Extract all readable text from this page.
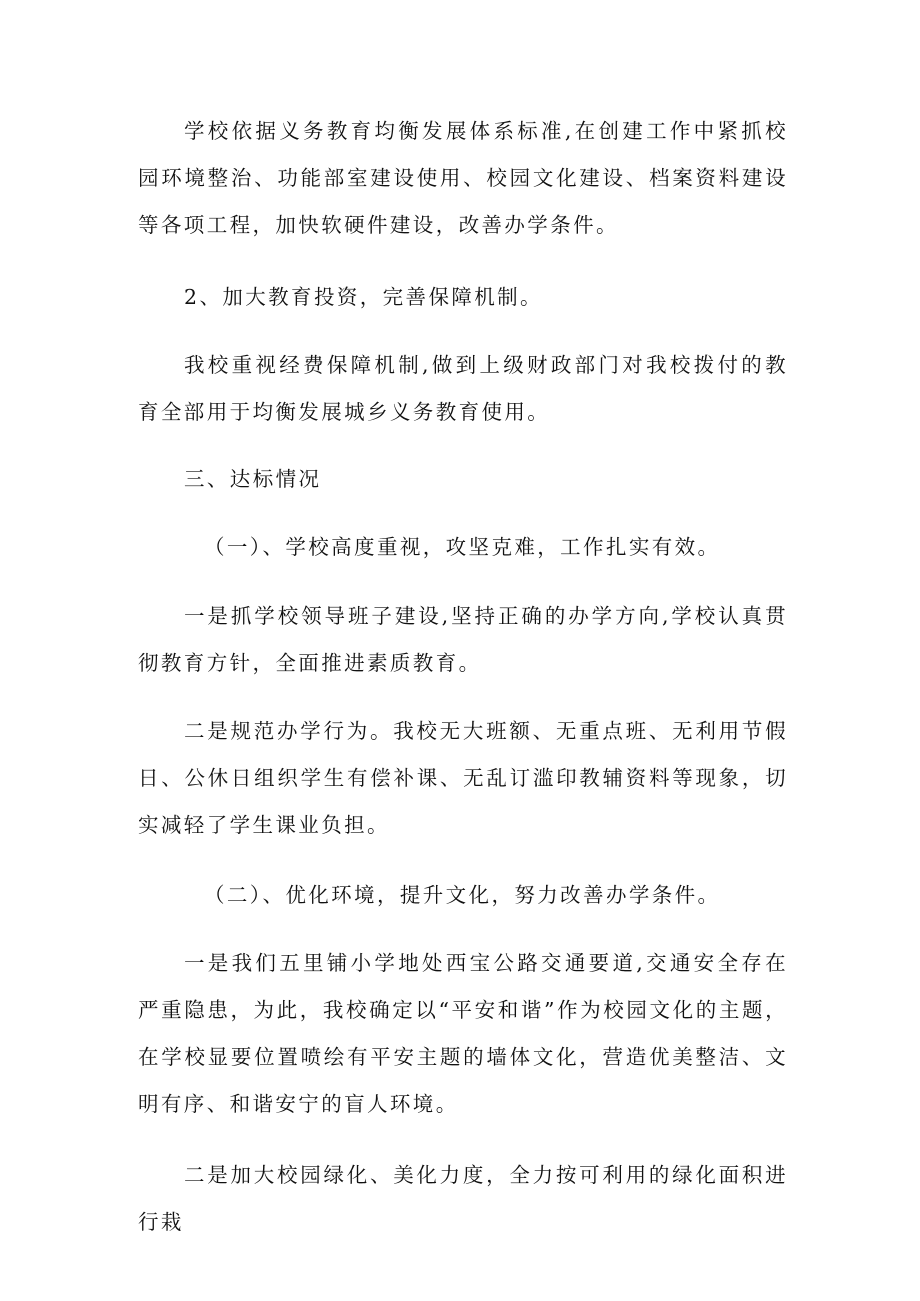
学校依据义务教育均衡发展体系标准,在创建工作中紧抓校园环境整治、功能部室建设使用、校园文化建设、档案资料建设等各项工程，加快软硬件建设，改善办学条件。

2、加大教育投资，完善保障机制。

我校重视经费保障机制,做到上级财政部门对我校拨付的教育全部用于均衡发展城乡义务教育使用。

三、达标情况

（一）、学校高度重视，攻坚克难，工作扎实有效。

一是抓学校领导班子建设,坚持正确的办学方向,学校认真贯彻教育方针，全面推进素质教育。

二是规范办学行为。我校无大班额、无重点班、无利用节假日、公休日组织学生有偿补课、无乱订滥印教辅资料等现象，切实减轻了学生课业负担。

（二）、优化环境，提升文化，努力改善办学条件。

一是我们五里铺小学地处西宝公路交通要道,交通安全存在严重隐患，为此，我校确定以“平安和谐”作为校园文化的主题，在学校显要位置喷绘有平安主题的墙体文化，营造优美整洁、文明有序、和谐安宁的盲人环境。

二是加大校园绿化、美化力度，全力按可利用的绿化面积进行栽
